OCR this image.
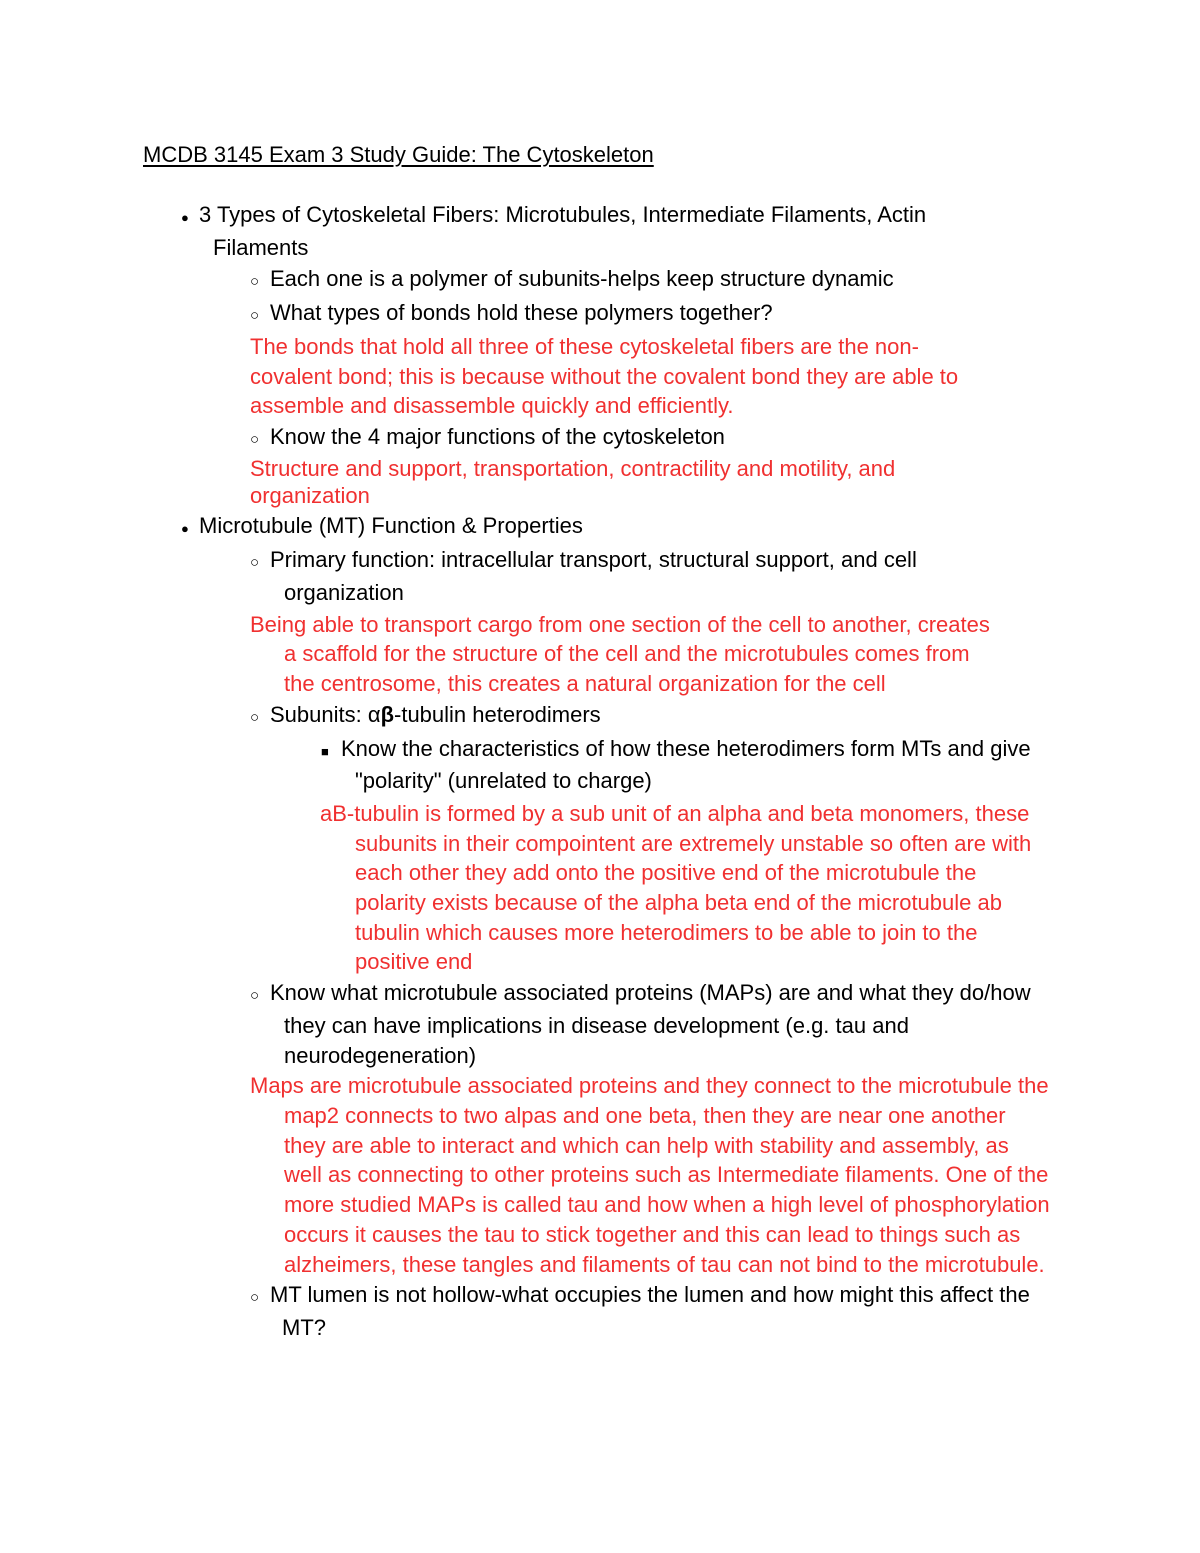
MCDB 3145 Exam 3 Study Guide: The Cytoskeleton
● 3 Types of Cytoskeletal Fibers: Microtubules, Intermediate Filaments, Actin Filaments
○ Each one is a polymer of subunits-helps keep structure dynamic
○ What types of bonds hold these polymers together?
The bonds that hold all three of these cytoskeletal fibers are the non-covalent bond; this is because without the covalent bond they are able to assemble and disassemble quickly and efficiently.
○ Know the 4 major functions of the cytoskeleton
Structure and support, transportation, contractility and motility, and organization
● Microtubule (MT) Function & Properties
○ Primary function: intracellular transport, structural support, and cell organization
Being able to transport cargo from one section of the cell to another, creates a scaffold for the structure of the cell and the microtubules comes from the centrosome, this creates a natural organization for the cell
○ Subunits: αβ-tubulin heterodimers
■ Know the characteristics of how these heterodimers form MTs and give "polarity" (unrelated to charge)
aB-tubulin is formed by a sub unit of an alpha and beta monomers, these subunits in their compointent are extremely unstable so often are with each other they add onto the positive end of the microtubule the polarity exists because of the alpha beta end of the microtubule ab tubulin which causes more heterodimers to be able to join to the positive end
○ Know what microtubule associated proteins (MAPs) are and what they do/how they can have implications in disease development (e.g. tau and neurodegeneration)
Maps are microtubule associated proteins and they connect to the microtubule the map2 connects to two alpas and one beta, then they are near one another they are able to interact and which can help with stability and assembly, as well as connecting to other proteins such as Intermediate filaments. One of the more studied MAPs is called tau and how when a high level of phosphorylation occurs it causes the tau to stick together and this can lead to things such as alzheimers, these tangles and filaments of tau can not bind to the microtubule.
○ MT lumen is not hollow-what occupies the lumen and how might this affect the MT?
